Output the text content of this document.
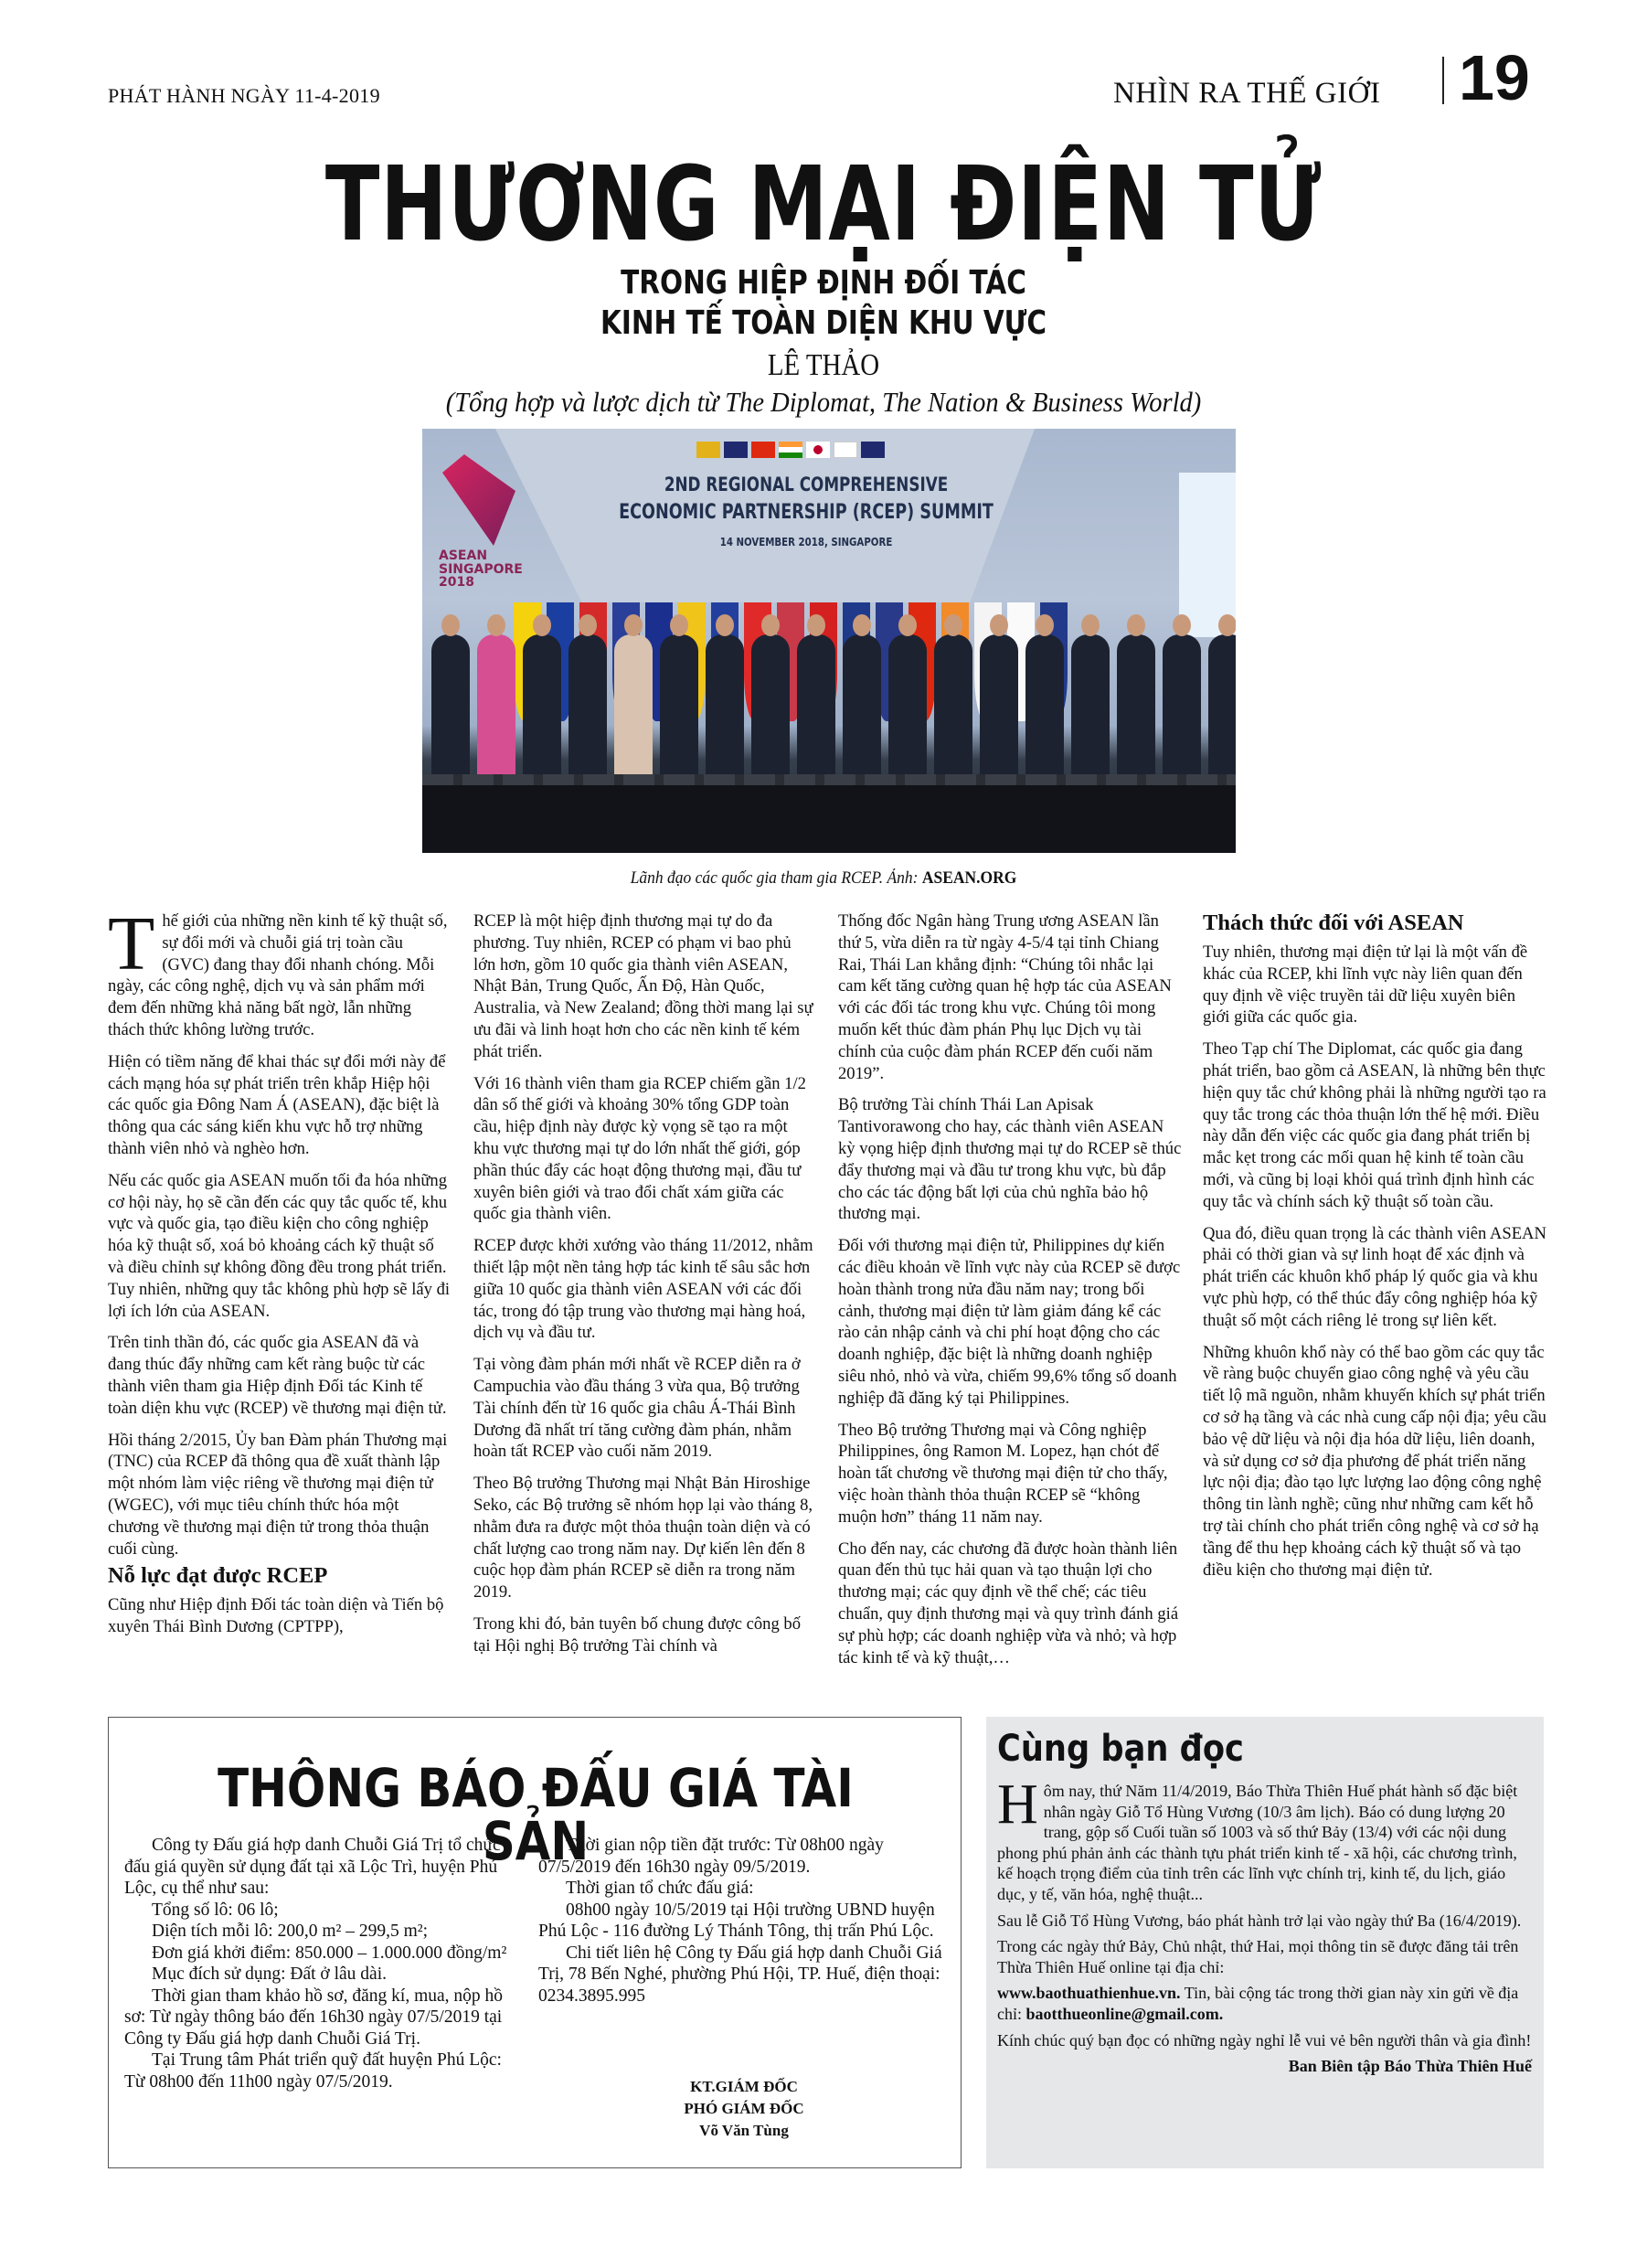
PHÁT HÀNH NGÀY 11-4-2019	NHÌN RA THẾ GIỚI 19
THƯƠNG MẠI ĐIỆN TỬ
TRONG HIỆP ĐỊNH ĐỐI TÁC
KINH TẾ TOÀN DIỆN KHU VỰC
LÊ THẢO
(Tổng hợp và lược dịch từ The Diplomat, The Nation & Business World)
ASEAN
SINGAPORE
2018
2ND REGIONAL COMPREHENSIVE
ECONOMIC PARTNERSHIP (RCEP) SUMMIT
14 NOVEMBER 2018, SINGAPORE
Lãnh đạo các quốc gia tham gia RCEP. Ảnh: ASEAN.ORG

Thế giới của những nền kinh tế kỹ thuật số, sự đổi mới và chuỗi giá trị toàn cầu (GVC) đang thay đổi nhanh chóng. Mỗi ngày, các công nghệ, dịch vụ và sản phẩm mới đem đến những khả năng bất ngờ, lẫn những thách thức không lường trước.

Hiện có tiềm năng để khai thác sự đổi mới này để cách mạng hóa sự phát triển trên khắp Hiệp hội các quốc gia Đông Nam Á (ASEAN), đặc biệt là thông qua các sáng kiến khu vực hỗ trợ những thành viên nhỏ và nghèo hơn.

Nếu các quốc gia ASEAN muốn tối đa hóa những cơ hội này, họ sẽ cần đến các quy tắc quốc tế, khu vực và quốc gia, tạo điều kiện cho công nghiệp hóa kỹ thuật số, xoá bỏ khoảng cách kỹ thuật số và điều chỉnh sự không đồng đều trong phát triển. Tuy nhiên, những quy tắc không phù hợp sẽ lấy đi lợi ích lớn của ASEAN.

Trên tinh thần đó, các quốc gia ASEAN đã và đang thúc đẩy những cam kết ràng buộc từ các thành viên tham gia Hiệp định Đối tác Kinh tế toàn diện khu vực (RCEP) về thương mại điện tử.

Hồi tháng 2/2015, Ủy ban Đàm phán Thương mại (TNC) của RCEP đã thông qua đề xuất thành lập một nhóm làm việc riêng về thương mại điện tử (WGEC), với mục tiêu chính thức hóa một chương về thương mại điện tử trong thỏa thuận cuối cùng.

Nỗ lực đạt được RCEP

Cũng như Hiệp định Đối tác toàn diện và Tiến bộ xuyên Thái Bình Dương (CPTPP),

RCEP là một hiệp định thương mại tự do đa phương. Tuy nhiên, RCEP có phạm vi bao phủ lớn hơn, gồm 10 quốc gia thành viên ASEAN, Nhật Bản, Trung Quốc, Ấn Độ, Hàn Quốc, Australia, và New Zealand; đồng thời mang lại sự ưu đãi và linh hoạt hơn cho các nền kinh tế kém phát triển.

Với 16 thành viên tham gia RCEP chiếm gần 1/2 dân số thế giới và khoảng 30% tổng GDP toàn cầu, hiệp định này được kỳ vọng sẽ tạo ra một khu vực thương mại tự do lớn nhất thế giới, góp phần thúc đẩy các hoạt động thương mại, đầu tư xuyên biên giới và trao đổi chất xám giữa các quốc gia thành viên.

RCEP được khởi xướng vào tháng 11/2012, nhằm thiết lập một nền tảng hợp tác kinh tế sâu sắc hơn giữa 10 quốc gia thành viên ASEAN với các đối tác, trong đó tập trung vào thương mại hàng hoá, dịch vụ và đầu tư.

Tại vòng đàm phán mới nhất về RCEP diễn ra ở Campuchia vào đầu tháng 3 vừa qua, Bộ trưởng Tài chính đến từ 16 quốc gia châu Á-Thái Bình Dương đã nhất trí tăng cường đàm phán, nhằm hoàn tất RCEP vào cuối năm 2019.

Theo Bộ trưởng Thương mại Nhật Bản Hiroshige Seko, các Bộ trưởng sẽ nhóm họp lại vào tháng 8, nhằm đưa ra được một thỏa thuận toàn diện và có chất lượng cao trong năm nay. Dự kiến lên đến 8 cuộc họp đàm phán RCEP sẽ diễn ra trong năm 2019.

Trong khi đó, bản tuyên bố chung được công bố tại Hội nghị Bộ trưởng Tài chính và

Thống đốc Ngân hàng Trung ương ASEAN lần thứ 5, vừa diễn ra từ ngày 4-5/4 tại tỉnh Chiang Rai, Thái Lan khẳng định: “Chúng tôi nhắc lại cam kết tăng cường quan hệ hợp tác của ASEAN với các đối tác trong khu vực. Chúng tôi mong muốn kết thúc đàm phán Phụ lục Dịch vụ tài chính của cuộc đàm phán RCEP đến cuối năm 2019”.

Bộ trưởng Tài chính Thái Lan Apisak Tantivorawong cho hay, các thành viên ASEAN kỳ vọng hiệp định thương mại tự do RCEP sẽ thúc đẩy thương mại và đầu tư trong khu vực, bù đắp cho các tác động bất lợi của chủ nghĩa bảo hộ thương mại.

Đối với thương mại điện tử, Philippines dự kiến các điều khoản về lĩnh vực này của RCEP sẽ được hoàn thành trong nửa đầu năm nay; trong bối cảnh, thương mại điện tử làm giảm đáng kể các rào cản nhập cảnh và chi phí hoạt động cho các doanh nghiệp, đặc biệt là những doanh nghiệp siêu nhỏ, nhỏ và vừa, chiếm 99,6% tổng số doanh nghiệp đã đăng ký tại Philippines.

Theo Bộ trưởng Thương mại và Công nghiệp Philippines, ông Ramon M. Lopez, hạn chót để hoàn tất chương về thương mại điện tử cho thấy, việc hoàn thành thỏa thuận RCEP sẽ “không muộn hơn” tháng 11 năm nay.

Cho đến nay, các chương đã được hoàn thành liên quan đến thủ tục hải quan và tạo thuận lợi cho thương mại; các quy định về thể chế; các tiêu chuẩn, quy định thương mại và quy trình đánh giá sự phù hợp; các doanh nghiệp vừa và nhỏ; và hợp tác kinh tế và kỹ thuật,…

Thách thức đối với ASEAN

Tuy nhiên, thương mại điện tử lại là một vấn đề khác của RCEP, khi lĩnh vực này liên quan đến quy định về việc truyền tải dữ liệu xuyên biên giới giữa các quốc gia.

Theo Tạp chí The Diplomat, các quốc gia đang phát triển, bao gồm cả ASEAN, là những bên thực hiện quy tắc chứ không phải là những người tạo ra quy tắc trong các thỏa thuận lớn thế hệ mới. Điều này dẫn đến việc các quốc gia đang phát triển bị mắc kẹt trong các mối quan hệ kinh tế toàn cầu mới, và cũng bị loại khỏi quá trình định hình các quy tắc và chính sách kỹ thuật số toàn cầu.

Qua đó, điều quan trọng là các thành viên ASEAN phải có thời gian và sự linh hoạt để xác định và phát triển các khuôn khổ pháp lý quốc gia và khu vực phù hợp, có thể thúc đẩy công nghiệp hóa kỹ thuật số một cách riêng lẻ trong sự liên kết.

Những khuôn khổ này có thể bao gồm các quy tắc về ràng buộc chuyển giao công nghệ và yêu cầu tiết lộ mã nguồn, nhằm khuyến khích sự phát triển cơ sở hạ tầng và các nhà cung cấp nội địa; yêu cầu bảo vệ dữ liệu và nội địa hóa dữ liệu, liên doanh, và sử dụng cơ sở địa phương để phát triển năng lực nội địa; đào tạo lực lượng lao động công nghệ thông tin lành nghề; cũng như những cam kết hỗ trợ tài chính cho phát triển công nghệ và cơ sở hạ tầng để thu hẹp khoảng cách kỹ thuật số và tạo điều kiện cho thương mại điện tử.

THÔNG BÁO ĐẤU GIÁ TÀI SẢN

Công ty Đấu giá hợp danh Chuỗi Giá Trị tổ chức đấu giá quyền sử dụng đất tại xã Lộc Trì, huyện Phú Lộc, cụ thể như sau:

Tổng số lô: 06 lô;

Diện tích mỗi lô: 200,0 m² – 299,5 m²;

Đơn giá khởi điểm: 850.000 – 1.000.000 đồng/m²

Mục đích sử dụng: Đất ở lâu dài.

Thời gian tham khảo hồ sơ, đăng kí, mua, nộp hồ sơ: Từ ngày thông báo đến 16h30 ngày 07/5/2019 tại Công ty Đấu giá hợp danh Chuỗi Giá Trị.

Tại Trung tâm Phát triển quỹ đất huyện Phú Lộc: Từ 08h00 đến 11h00 ngày 07/5/2019.

Thời gian nộp tiền đặt trước: Từ 08h00 ngày 07/5/2019 đến 16h30 ngày 09/5/2019.

Thời gian tổ chức đấu giá:

08h00 ngày 10/5/2019 tại Hội trường UBND huyện Phú Lộc - 116 đường Lý Thánh Tông, thị trấn Phú Lộc.

Chi tiết liên hệ Công ty Đấu giá hợp danh Chuỗi Giá Trị, 78 Bến Nghé, phường Phú Hội, TP. Huế, điện thoại: 0234.3895.995

KT.GIÁM ĐỐC
PHÓ GIÁM ĐỐC
Võ Văn Tùng
Cùng bạn đọc

Hôm nay, thứ Năm 11/4/2019, Báo Thừa Thiên Huế phát hành số đặc biệt nhân ngày Giỗ Tổ Hùng Vương (10/3 âm lịch). Báo có dung lượng 20 trang, gộp số Cuối tuần số 1003 và số thứ Bảy (13/4) với các nội dung phong phú phản ảnh các thành tựu phát triển kinh tế - xã hội, các chương trình, kế hoạch trọng điểm của tỉnh trên các lĩnh vực chính trị, kinh tế, du lịch, giáo dục, y tế, văn hóa, nghệ thuật...

Sau lễ Giỗ Tổ Hùng Vương, báo phát hành trở lại vào ngày thứ Ba (16/4/2019).

Trong các ngày thứ Bảy, Chủ nhật, thứ Hai, mọi thông tin sẽ được đăng tải trên Thừa Thiên Huế online tại địa chỉ:

www.baothuathienhue.vn. Tin, bài cộng tác trong thời gian này xin gửi về địa chỉ: baotthueonline@gmail.com.

Kính chúc quý bạn đọc có những ngày nghỉ lễ vui vẻ bên người thân và gia đình!

Ban Biên tập Báo Thừa Thiên Huế
